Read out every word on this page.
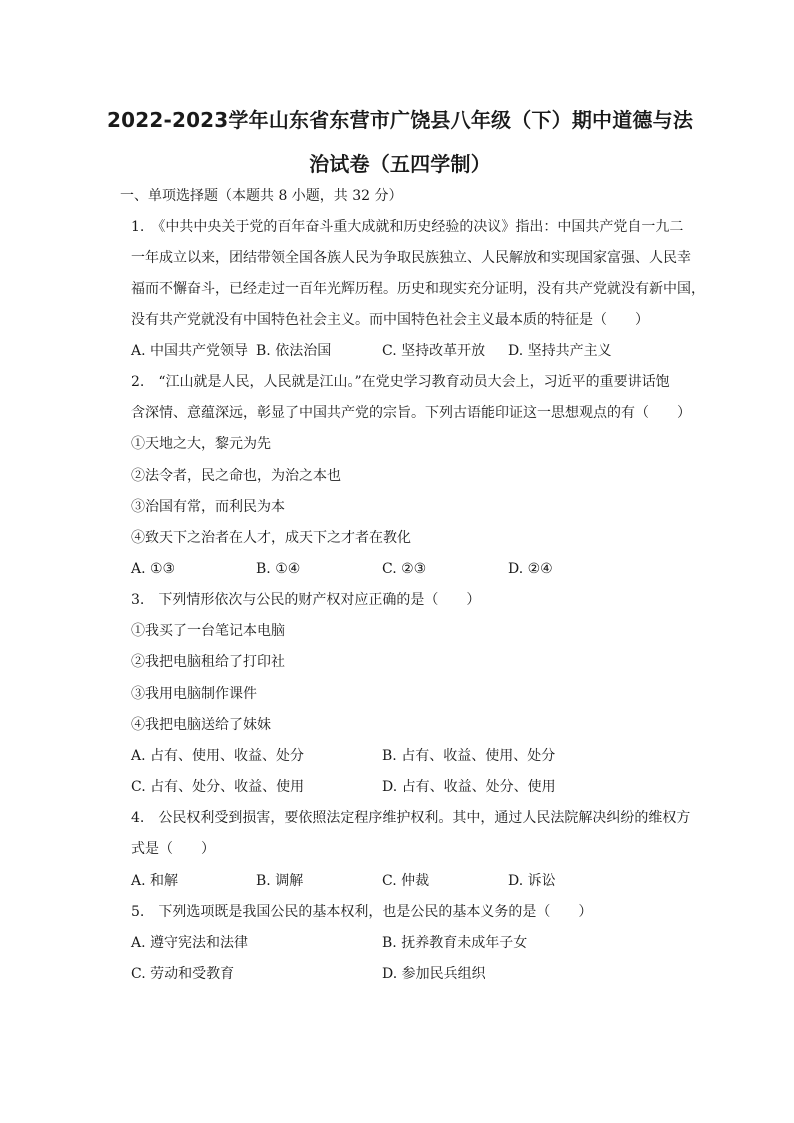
2022-2023学年山东省东营市广饶县八年级（下）期中道德与法
治试卷（五四学制）
一、单项选择题（本题共 8 小题，共 32 分）
1.　《中共中央关于党的百年奋斗重大成就和历史经验的决议》指出：中国共产党自一九二
一年成立以来，团结带领全国各族人民为争取民族独立、人民解放和实现国家富强、人民幸
福而不懈奋斗，已经走过一百年光辉历程。历史和现实充分证明，没有共产党就没有新中国，
没有共产党就没有中国特色社会主义。而中国特色社会主义最本质的特征是（　　）
A. 中国共产党领导 B. 依法治国	C. 坚持改革开放 D. 坚持共产主义
2.　“江山就是人民，人民就是江山。”在党史学习教育动员大会上，习近平的重要讲话饱
含深情、意蕴深远，彰显了中国共产党的宗旨。下列古语能印证这一思想观点的有（　　）
①天地之大，黎元为先
②法令者，民之命也，为治之本也
③治国有常，而利民为本
④致天下之治者在人才，成天下之才者在教化
A. ①③	B. ①④	C. ②③	D. ②④
3.　下列情形依次与公民的财产权对应正确的是（　　）
①我买了一台笔记本电脑
②我把电脑租给了打印社
③我用电脑制作课件
④我把电脑送给了妹妹
A. 占有、使用、收益、处分	B. 占有、收益、使用、处分
C. 占有、处分、收益、使用	D. 占有、收益、处分、使用
4.　公民权利受到损害，要依照法定程序维护权利。其中，通过人民法院解决纠纷的维权方
式是（　　）
A. 和解	B. 调解	C. 仲裁	D. 诉讼
5.　下列选项既是我国公民的基本权利，也是公民的基本义务的是（　　）
A. 遵守宪法和法律	B. 抚养教育未成年子女
C. 劳动和受教育	D. 参加民兵组织
